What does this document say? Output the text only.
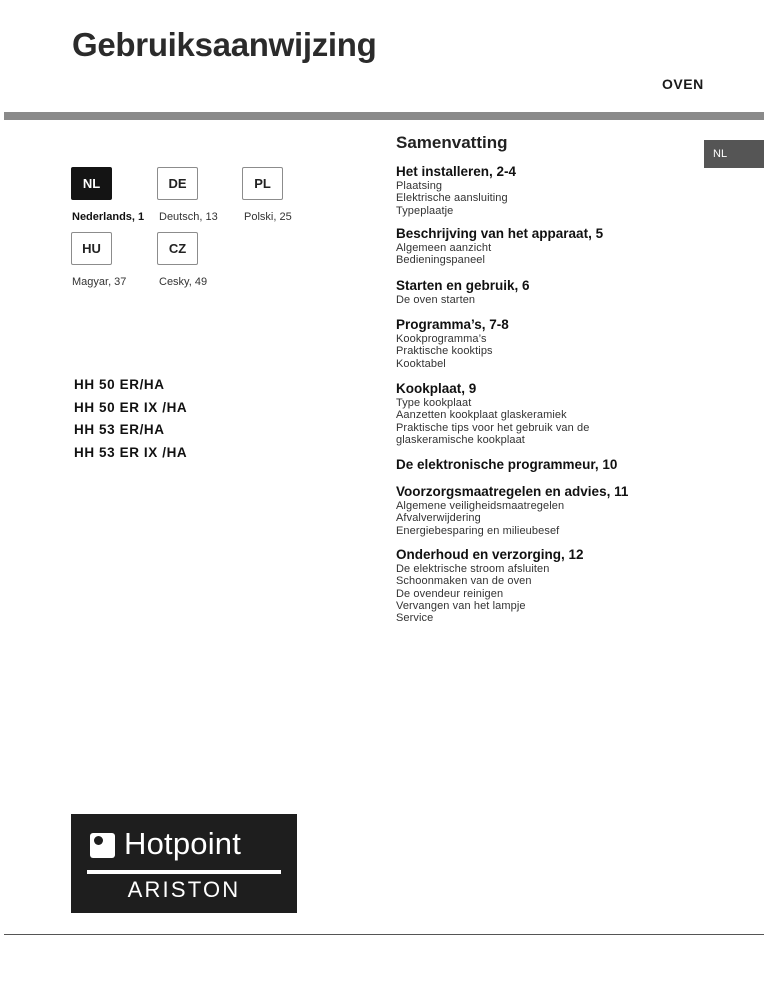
Gebruiksaanwijzing
OVEN
NL
Nederlands, 1
DE
Deutsch, 13
PL
Polski, 25
HU
Magyar, 37
CZ
Cesky, 49
HH 50 ER/HA
HH 50 ER IX /HA
HH 53 ER/HA
HH 53 ER IX /HA
Samenvatting
NL
Het installeren, 2-4
Plaatsing
Elektrische aansluiting
Typeplaatje
Beschrijving van het apparaat, 5
Algemeen aanzicht
Bedieningspaneel
Starten en gebruik, 6
De oven starten
Programma’s, 7-8
Kookprogramma’s
Praktische kooktips
Kooktabel
Kookplaat, 9
Type kookplaat
Aanzetten kookplaat glaskeramiek
Praktische tips voor het gebruik van de
glaskeramische kookplaat
De elektronische programmeur, 10
Voorzorgsmaatregelen en advies, 11
Algemene veiligheidsmaatregelen
Afvalverwijdering
Energiebesparing en milieubesef
Onderhoud en verzorging, 12
De elektrische stroom afsluiten
Schoonmaken van de oven
De ovendeur reinigen
Vervangen van het lampje
Service
Hotpoint
ARISTON
